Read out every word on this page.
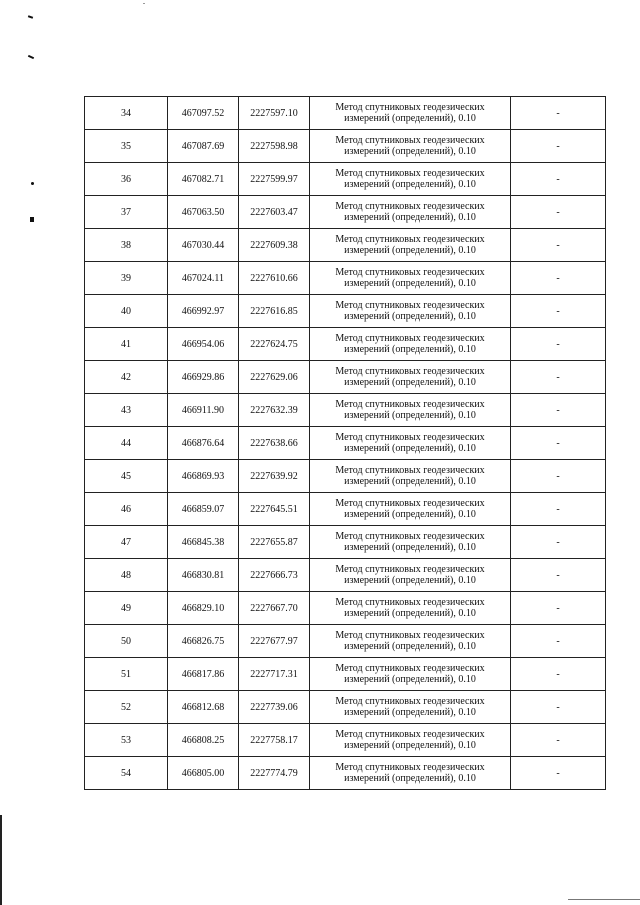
34	467097.52	2227597.10	Метод спутниковых геодезических
измерений (определений), 0.10	-
35	467087.69	2227598.98	Метод спутниковых геодезических
измерений (определений), 0.10	-
36	467082.71	2227599.97	Метод спутниковых геодезических
измерений (определений), 0.10	-
37	467063.50	2227603.47	Метод спутниковых геодезических
измерений (определений), 0.10	-
38	467030.44	2227609.38	Метод спутниковых геодезических
измерений (определений), 0.10	-
39	467024.11	2227610.66	Метод спутниковых геодезических
измерений (определений), 0.10	-
40	466992.97	2227616.85	Метод спутниковых геодезических
измерений (определений), 0.10	-
41	466954.06	2227624.75	Метод спутниковых геодезических
измерений (определений), 0.10	-
42	466929.86	2227629.06	Метод спутниковых геодезических
измерений (определений), 0.10	-
43	466911.90	2227632.39	Метод спутниковых геодезических
измерений (определений), 0.10	-
44	466876.64	2227638.66	Метод спутниковых геодезических
измерений (определений), 0.10	-
45	466869.93	2227639.92	Метод спутниковых геодезических
измерений (определений), 0.10	-
46	466859.07	2227645.51	Метод спутниковых геодезических
измерений (определений), 0.10	-
47	466845.38	2227655.87	Метод спутниковых геодезических
измерений (определений), 0.10	-
48	466830.81	2227666.73	Метод спутниковых геодезических
измерений (определений), 0.10	-
49	466829.10	2227667.70	Метод спутниковых геодезических
измерений (определений), 0.10	-
50	466826.75	2227677.97	Метод спутниковых геодезических
измерений (определений), 0.10	-
51	466817.86	2227717.31	Метод спутниковых геодезических
измерений (определений), 0.10	-
52	466812.68	2227739.06	Метод спутниковых геодезических
измерений (определений), 0.10	-
53	466808.25	2227758.17	Метод спутниковых геодезических
измерений (определений), 0.10	-
54	466805.00	2227774.79	Метод спутниковых геодезических
измерений (определений), 0.10	-
